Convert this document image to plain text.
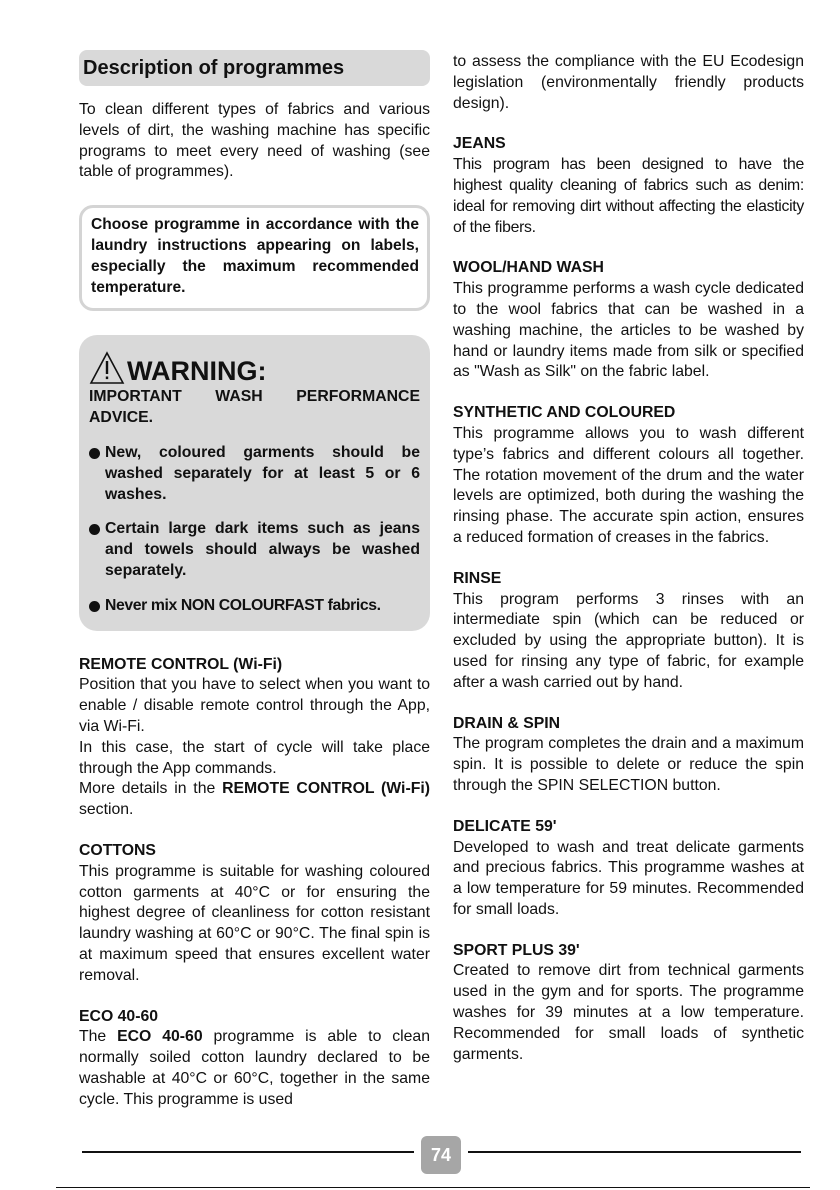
Description of programmes

To clean different types of fabrics and various levels of dirt, the washing machine has specific programs to meet every need of washing (see table of programmes).

Choose programme in accordance with the laundry instructions appearing on labels, especially the maximum recommended temperature.

WARNING:
IMPORTANT WASH PERFORMANCE ADVICE.
New, coloured garments should be washed separately for at least 5 or 6 washes.
Certain large dark items such as jeans and towels should always be washed separately.
Never mix NON COLOURFAST fabrics.

REMOTE CONTROL (Wi-Fi)

Position that you have to select when you want to enable / disable remote control through the App, via Wi-Fi.

In this case, the start of cycle will take place through the App commands.

More details in the REMOTE CONTROL (Wi-Fi) section.

COTTONS

This programme is suitable for washing coloured cotton garments at 40°C or for ensuring the highest degree of cleanliness for cotton resistant laundry washing at 60°C or 90°C. The final spin is at maximum speed that ensures excellent water removal.

ECO 40-60

The ECO 40-60 programme is able to clean normally soiled cotton laundry declared to be washable at 40°C or 60°C, together in the same cycle. This programme is used

to assess the compliance with the EU Ecodesign legislation (environmentally friendly products design).

JEANS

This program has been designed to have the highest quality cleaning of fabrics such as denim: ideal for removing dirt without affecting the elasticity of the fibers.

WOOL/HAND WASH

This programme performs a wash cycle dedicated to the wool fabrics that can be washed in a washing machine, the articles to be washed by hand or laundry items made from silk or specified as "Wash as Silk" on the fabric label.

SYNTHETIC AND COLOURED

This programme allows you to wash different type’s fabrics and different colours all together. The rotation movement of the drum and the water levels are optimized, both during the washing the rinsing phase. The accurate spin action, ensures a reduced formation of creases in the fabrics.

RINSE

This program performs 3 rinses with an intermediate spin (which can be reduced or excluded by using the appropriate button). It is used for rinsing any type of fabric, for example after a wash carried out by hand.

DRAIN & SPIN

The program completes the drain and a maximum spin. It is possible to delete or reduce the spin through the SPIN SELECTION button.

DELICATE 59'

Developed to wash and treat delicate garments and precious fabrics. This programme washes at a low temperature for 59 minutes. Recommended for small loads.

SPORT PLUS 39'

Created to remove dirt from technical garments used in the gym and for sports. The programme washes for 39 minutes at a low temperature. Recommended for small loads of synthetic garments.

74
